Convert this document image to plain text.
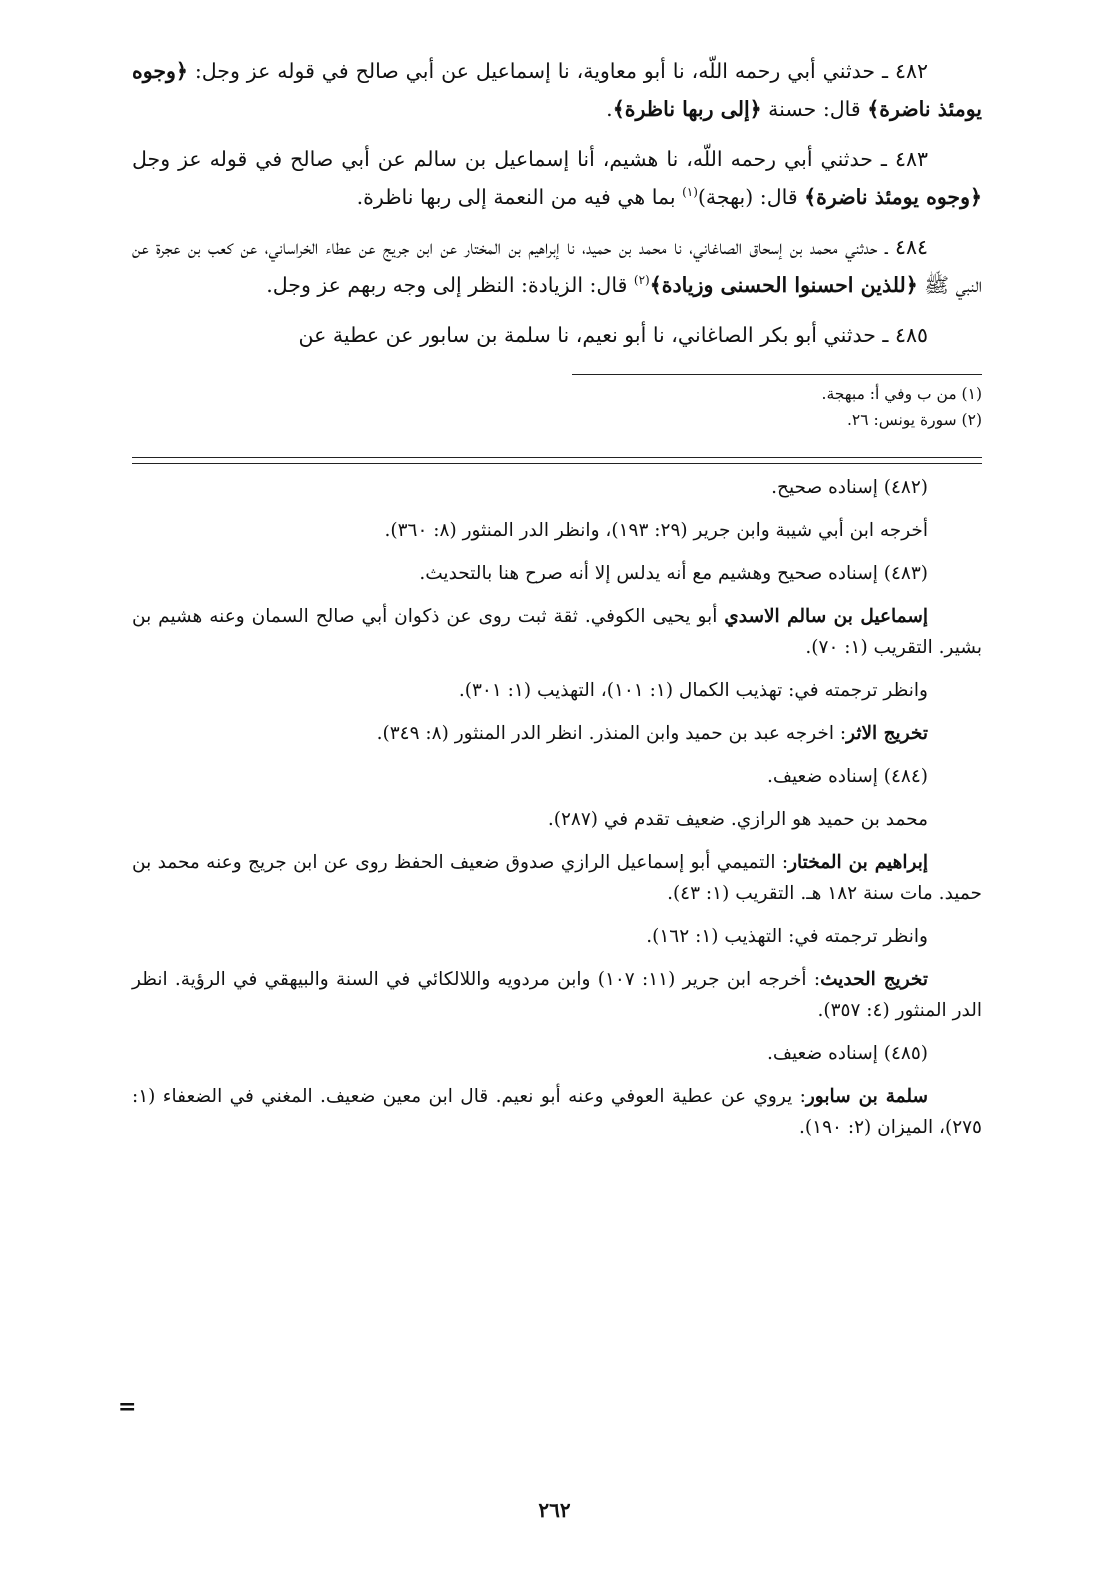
٤٨٢ ـ حدثني أبي رحمه اللّه، نا أبو معاوية، نا إسماعيل عن أبي صالح في قوله عز وجل: ﴿وجوه يومئذ ناضرة﴾ قال: حسنة ﴿إلى ربها ناظرة﴾.

٤٨٣ ـ حدثني أبي رحمه اللّه، نا هشيم، أنا إسماعيل بن سالم عن أبي صالح في قوله عز وجل ﴿وجوه يومئذ ناضرة﴾ قال: (بهجة)$^{(١)}$ بما هي فيه من النعمة إلى ربها ناظرة.

٤٨٤ ـ حدثني محمد بن إسحاق الصاغاني، نا محمد بن حميد، نا إبراهيم بن المختار عن ابن جريج عن عطاء الخراساني، عن كعب بن عجرة عن النبي ﷺ ﴿للذين احسنوا الحسنى وزيادة﴾$^{(٢)}$ قال: الزيادة: النظر إلى وجه ربهم عز وجل.

٤٨٥ ـ حدثني أبو بكر الصاغاني، نا أبو نعيم، نا سلمة بن سابور عن عطية عن

(١) من ب وفي أ: مبهجة.

(٢) سورة يونس: ٢٦.

(٤٨٢) إسناده صحيح.

أخرجه ابن أبي شيبة وابن جرير (٢٩: ١٩٣)، وانظر الدر المنثور (٨: ٣٦٠).

(٤٨٣) إسناده صحيح وهشيم مع أنه يدلس إلا أنه صرح هنا بالتحديث.

إسماعيل بن سالم الاسدي أبو يحيى الكوفي. ثقة ثبت روى عن ذكوان أبي صالح السمان وعنه هشيم بن بشير. التقريب (١: ٧٠).

وانظر ترجمته في: تهذيب الكمال (١: ١٠١)، التهذيب (١: ٣٠١).

تخريج الاثر: اخرجه عبد بن حميد وابن المنذر. انظر الدر المنثور (٨: ٣٤٩).

(٤٨٤) إسناده ضعيف.

محمد بن حميد هو الرازي. ضعيف تقدم في (٢٨٧).

إبراهيم بن المختار: التميمي أبو إسماعيل الرازي صدوق ضعيف الحفظ روى عن ابن جريج وعنه محمد بن حميد. مات سنة ١٨٢ هـ. التقريب (١: ٤٣).

وانظر ترجمته في: التهذيب (١: ١٦٢).

تخريج الحديث: أخرجه ابن جرير (١١: ١٠٧) وابن مردويه واللالكائي في السنة والبيهقي في الرؤية. انظر الدر المنثور (٤: ٣٥٧).

(٤٨٥) إسناده ضعيف.

سلمة بن سابور: يروي عن عطية العوفي وعنه أبو نعيم. قال ابن معين ضعيف. المغني في الضعفاء (١: ٢٧٥)، الميزان (٢: ١٩٠).

=
٢٦٢
